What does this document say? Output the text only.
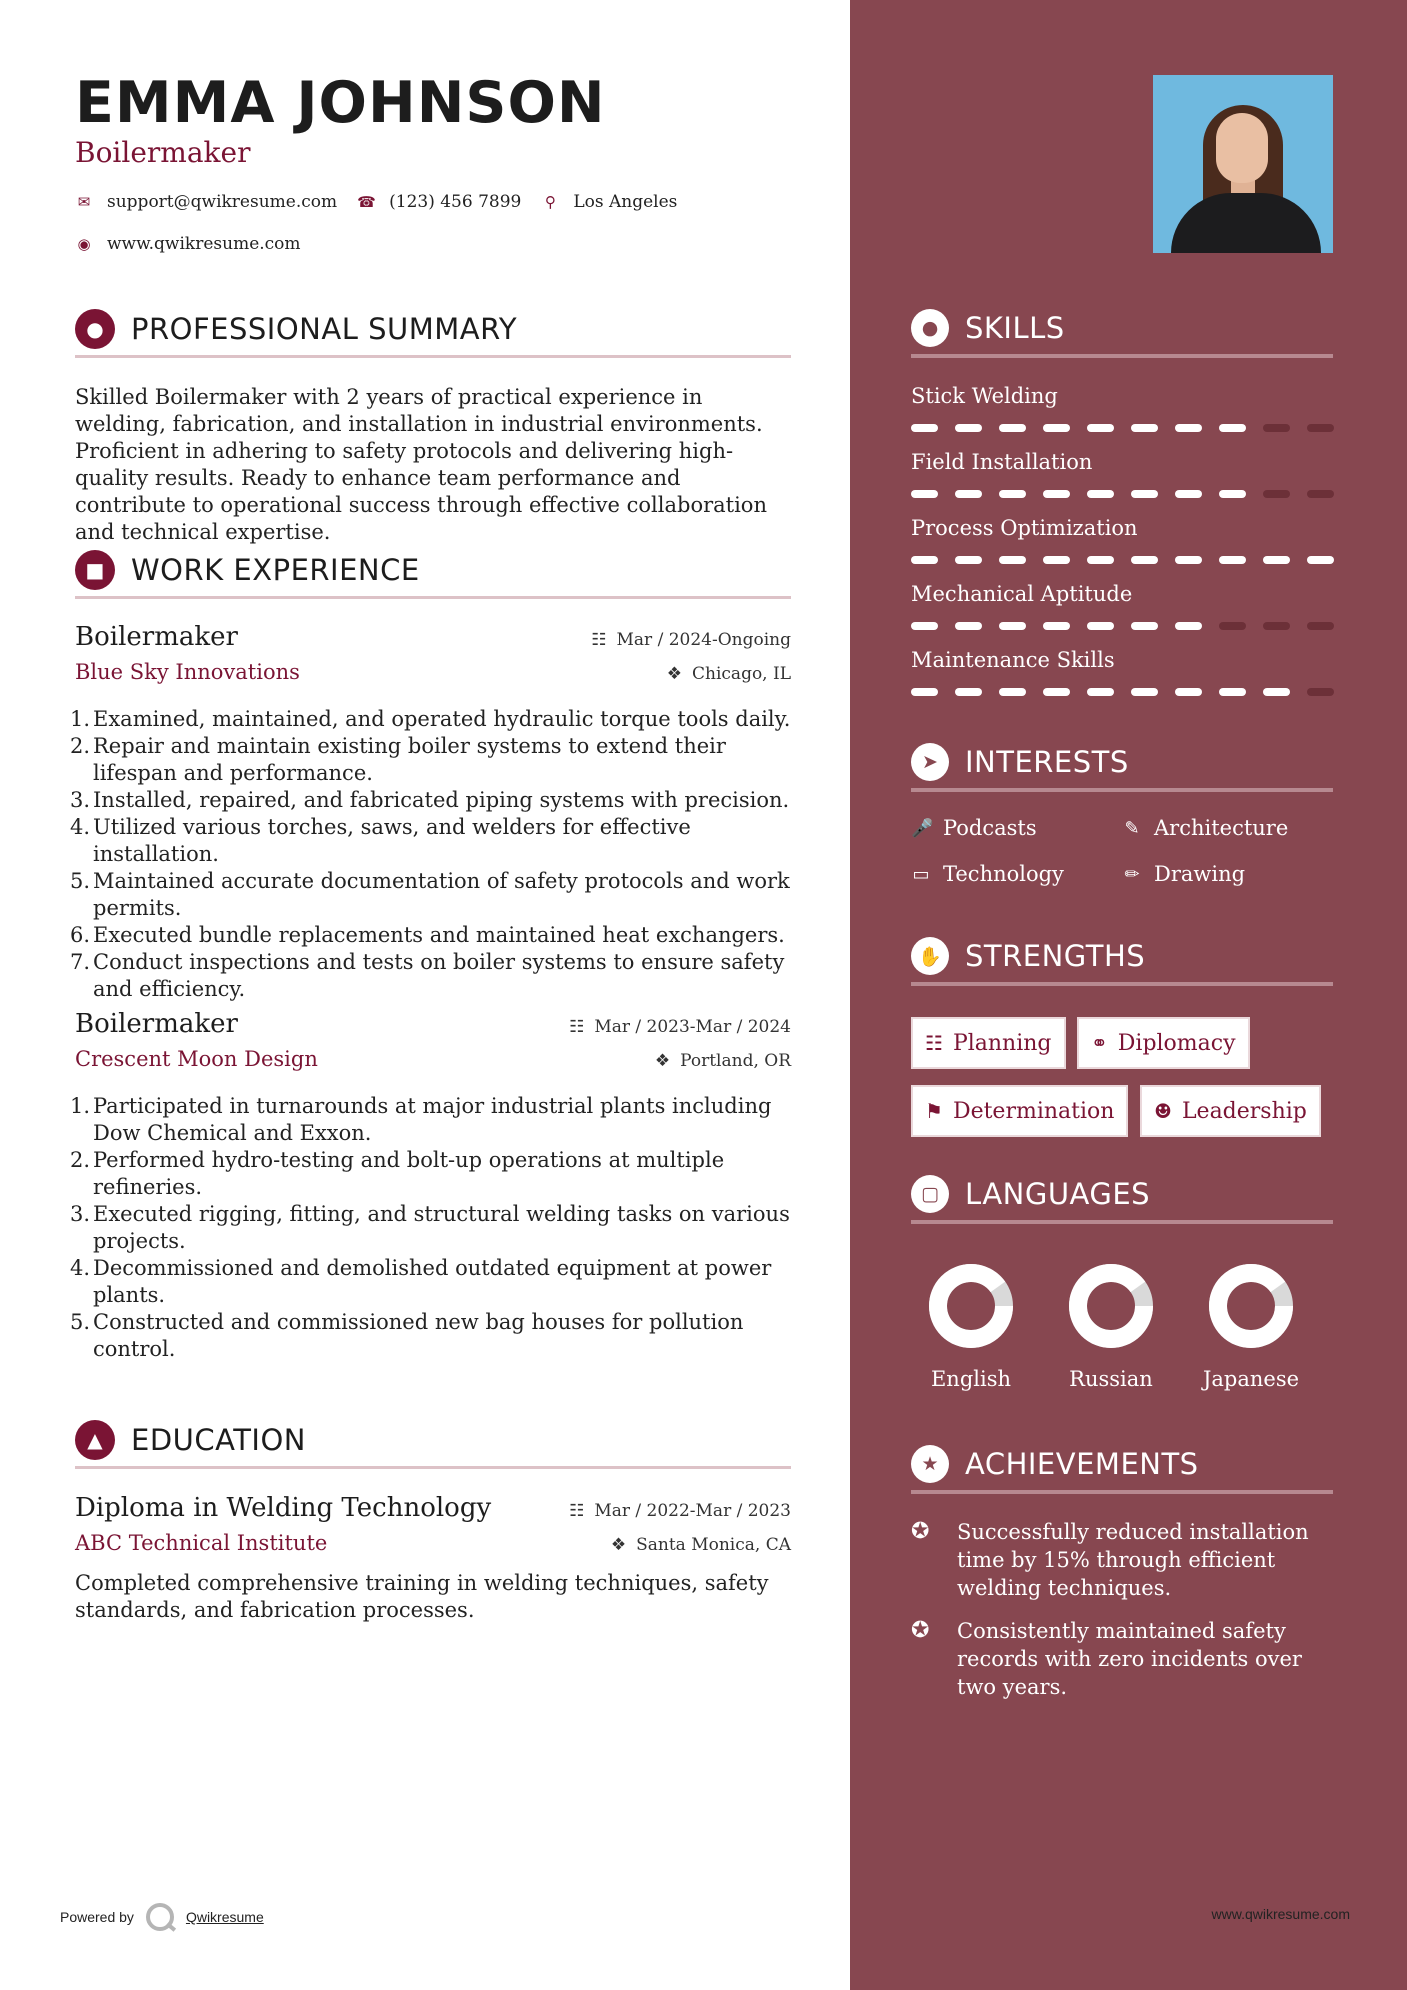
EMMA JOHNSON
Boilermaker
✉ support@qwikresume.com ☎ (123) 456 7899 ⚲ Los Angeles
◉ www.qwikresume.com
● PROFESSIONAL SUMMARY
Skilled Boilermaker with 2 years of practical experience in welding, fabrication, and installation in industrial environments. Proficient in adhering to safety protocols and delivering high-quality results. Ready to enhance team performance and contribute to operational success through effective collaboration and technical expertise.
■ WORK EXPERIENCE
Boilermaker
Blue Sky Innovations
☷ Mar / 2024-Ongoing
❖ Chicago, IL
1. Examined, maintained, and operated hydraulic torque tools daily.
2. Repair and maintain existing boiler systems to extend their lifespan and performance.
3. Installed, repaired, and fabricated piping systems with precision.
4. Utilized various torches, saws, and welders for effective installation.
5. Maintained accurate documentation of safety protocols and work permits.
6. Executed bundle replacements and maintained heat exchangers.
7. Conduct inspections and tests on boiler systems to ensure safety and efficiency.
Boilermaker
Crescent Moon Design
☷ Mar / 2023-Mar / 2024
❖ Portland, OR
1. Participated in turnarounds at major industrial plants including Dow Chemical and Exxon.
2. Performed hydro-testing and bolt-up operations at multiple refineries.
3. Executed rigging, fitting, and structural welding tasks on various projects.
4. Decommissioned and demolished outdated equipment at power plants.
5. Constructed and commissioned new bag houses for pollution control.
▲ EDUCATION
Diploma in Welding Technology
ABC Technical Institute
☷ Mar / 2022-Mar / 2023
❖ Santa Monica, CA
Completed comprehensive training in welding techniques, safety standards, and fabrication processes.
Powered by	Qwikresume
● SKILLS
Stick Welding
Field Installation
Process Optimization
Mechanical Aptitude
Maintenance Skills
➤ INTERESTS
🎤 Podcasts	✎ Architecture
▭ Technology	✏ Drawing
✋ STRENGTHS
☷ Planning ⚭ Diplomacy
⚑ Determination ☻ Leadership
▢ LANGUAGES
English	Russian	Japanese
★ ACHIEVEMENTS
✪	Successfully reduced installation time by 15% through efficient welding techniques.
✪	Consistently maintained safety records with zero incidents over two years.
www.qwikresume.com
